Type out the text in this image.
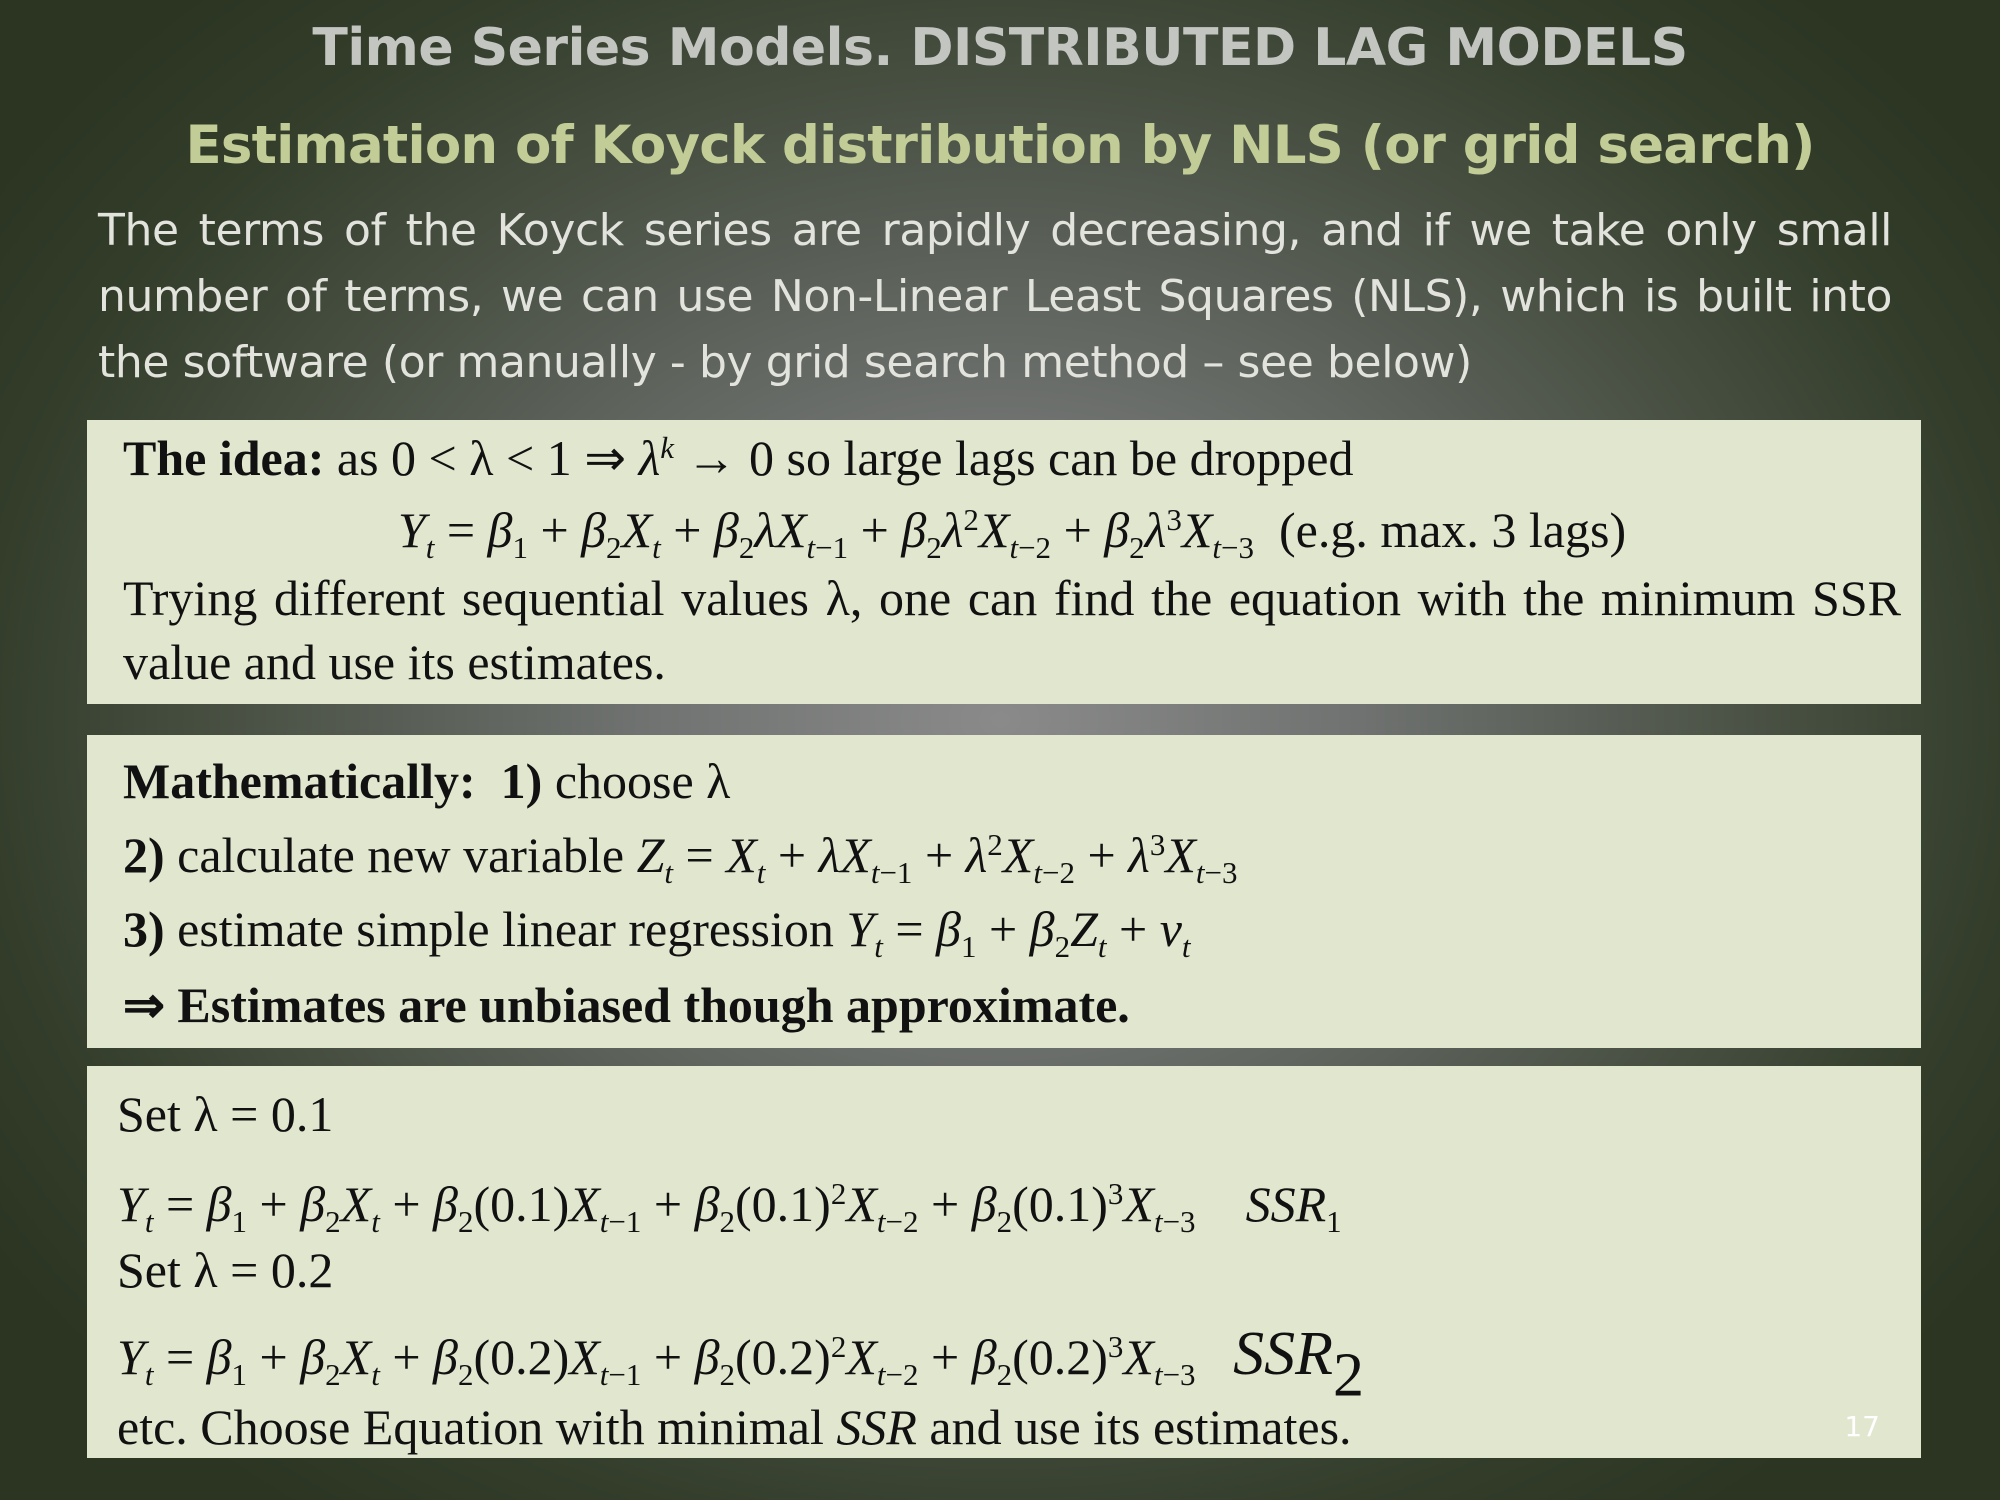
Time Series Models. DISTRIBUTED LAG MODELS
Estimation of Koyck distribution by NLS (or grid search)
The terms of the Koyck series are rapidly decreasing, and if we take only small number of terms, we can use Non-Linear Least Squares (NLS), which is built into the software (or manually - by grid search method – see below)
The idea: as 0 < λ < 1 ⇒ $\lambda^k \to 0$ so large lags can be dropped
$Y_t = \beta_1 + \beta_2X_t + \beta_2\lambda X_{t-1} + \beta_2\lambda^2X_{t-2} + \beta_2\lambda^3X_{t-3}$ (e.g. max. 3 lags)
Trying different sequential values λ, one can find the equation with the minimum SSR value and use its estimates.
Mathematically: 1) choose λ
2) calculate new variable $Z_t = X_t + \lambda X_{t-1} + \lambda^2X_{t-2} + \lambda^3X_{t-3}$
3) estimate simple linear regression $Y_t = \beta_1 + \beta_2Z_t + v_t$
⇒ Estimates are unbiased though approximate.
Set λ = 0.1
$Y_t = \beta_1 + \beta_2X_t + \beta_2(0.1)X_{t-1} + \beta_2(0.1)^2X_{t-2} + \beta_2(0.1)^3X_{t-3}$ $SSR_1$
Set λ = 0.2
$Y_t = \beta_1 + \beta_2X_t + \beta_2(0.2)X_{t-1} + \beta_2(0.2)^2X_{t-2} + \beta_2(0.2)^3X_{t-3}$ $SSR_2$
etc. Choose Equation with minimal SSR and use its estimates.	17
